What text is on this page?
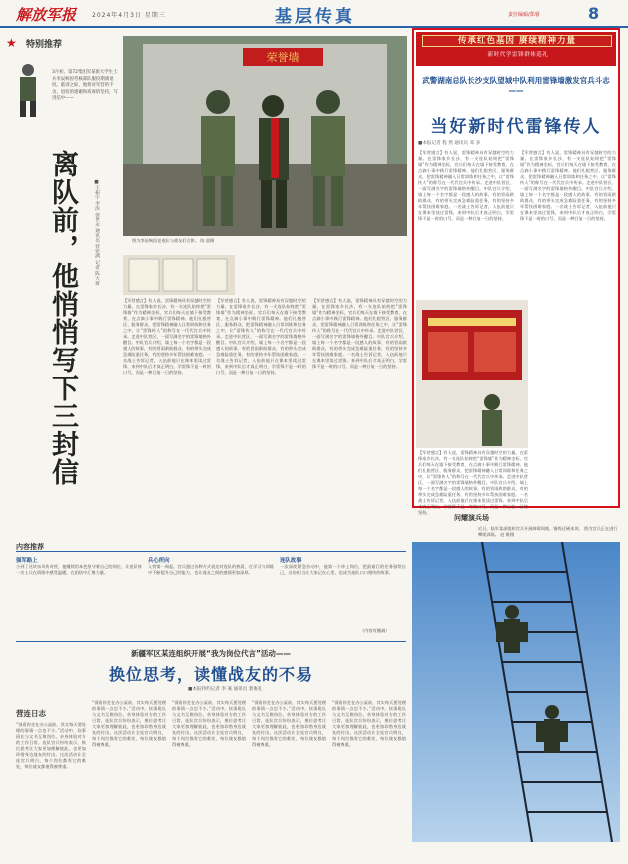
解放军报	2024年4月3日 星期三	基层传真	责任编辑/郑睿	8
★ 特别推荐
3月初，第72集团军某旅大学生士兵李辰响因考核部队服役期满退役。临别之际，他将对军营的不舍、退役的感谢和戒毒的坚持，写进信中——
离队前，他悄悄写下三封信	■王振宇 李滨 徐世永 通讯员 曾宪满 记者 陈大将
荣誉墙
图为李辰响回老连队与战友们合影。 陈 晨摄
【军营感言】有人说，雷锋精神具有穿越时空的力量。在雷锋家乡长沙，有一支连队始终把“雷锋墙”作为精神坐标，官兵们每天在墙下接受教育，在点滴小事中践行雷锋精神。他们扎根营区、服务群众，把雷锋精神融入日常训练和任务之中，让“雷锋传人”的称号在一代代官兵中传承。走进中队营区，一面写满名字的雷锋墙格外醒目。中队官兵介绍，墙上每一个名字都是一段感人的故事，有的冒雨救助群众，有的带头完成急难险重任务，有的坚持多年帮扶困难家庭。一名战士告诉记者，入伍前他只在课本里读过雷锋，来到中队后才真正明白，学雷锋不是一时的口号，而是一种日复一日的坚持。
【军营感言】有人说，雷锋精神具有穿越时空的力量。在雷锋家乡长沙，有一支连队始终把“雷锋墙”作为精神坐标，官兵们每天在墙下接受教育，在点滴小事中践行雷锋精神。他们扎根营区、服务群众，把雷锋精神融入日常训练和任务之中，让“雷锋传人”的称号在一代代官兵中传承。走进中队营区，一面写满名字的雷锋墙格外醒目。中队官兵介绍，墙上每一个名字都是一段感人的故事，有的冒雨救助群众，有的带头完成急难险重任务，有的坚持多年帮扶困难家庭。一名战士告诉记者，入伍前他只在课本里读过雷锋，来到中队后才真正明白，学雷锋不是一时的口号，而是一种日复一日的坚持。
【军营感言】有人说，雷锋精神具有穿越时空的力量。在雷锋家乡长沙，有一支连队始终把“雷锋墙”作为精神坐标，官兵们每天在墙下接受教育，在点滴小事中践行雷锋精神。他们扎根营区、服务群众，把雷锋精神融入日常训练和任务之中，让“雷锋传人”的称号在一代代官兵中传承。走进中队营区，一面写满名字的雷锋墙格外醒目。中队官兵介绍，墙上每一个名字都是一段感人的故事，有的冒雨救助群众，有的带头完成急难险重任务，有的坚持多年帮扶困难家庭。一名战士告诉记者，入伍前他只在课本里读过雷锋，来到中队后才真正明白，学雷锋不是一时的口号，而是一种日复一日的坚持。
传承红色基因 赓续精神力量
新时代学雷锋群体巡礼
武警湖南总队长沙支队望城中队利用雷锋墙激发官兵斗志——
当好新时代雷锋传人
■本报记者 程 然 通讯员 邓 多
【军营感言】有人说，雷锋精神具有穿越时空的力量。在雷锋家乡长沙，有一支连队始终把“雷锋墙”作为精神坐标，官兵们每天在墙下接受教育，在点滴小事中践行雷锋精神。他们扎根营区、服务群众，把雷锋精神融入日常训练和任务之中，让“雷锋传人”的称号在一代代官兵中传承。走进中队营区，一面写满名字的雷锋墙格外醒目。中队官兵介绍，墙上每一个名字都是一段感人的故事，有的冒雨救助群众，有的带头完成急难险重任务，有的坚持多年帮扶困难家庭。一名战士告诉记者，入伍前他只在课本里读过雷锋，来到中队后才真正明白，学雷锋不是一时的口号，而是一种日复一日的坚持。
【军营感言】有人说，雷锋精神具有穿越时空的力量。在雷锋家乡长沙，有一支连队始终把“雷锋墙”作为精神坐标，官兵们每天在墙下接受教育，在点滴小事中践行雷锋精神。他们扎根营区、服务群众，把雷锋精神融入日常训练和任务之中，让“雷锋传人”的称号在一代代官兵中传承。走进中队营区，一面写满名字的雷锋墙格外醒目。中队官兵介绍，墙上每一个名字都是一段感人的故事，有的冒雨救助群众，有的带头完成急难险重任务，有的坚持多年帮扶困难家庭。一名战士告诉记者，入伍前他只在课本里读过雷锋，来到中队后才真正明白，学雷锋不是一时的口号，而是一种日复一日的坚持。
【军营感言】有人说，雷锋精神具有穿越时空的力量。在雷锋家乡长沙，有一支连队始终把“雷锋墙”作为精神坐标，官兵们每天在墙下接受教育，在点滴小事中践行雷锋精神。他们扎根营区、服务群众，把雷锋精神融入日常训练和任务之中，让“雷锋传人”的称号在一代代官兵中传承。走进中队营区，一面写满名字的雷锋墙格外醒目。中队官兵介绍，墙上每一个名字都是一段感人的故事，有的冒雨救助群众，有的带头完成急难险重任务，有的坚持多年帮扶困难家庭。一名战士告诉记者，入伍前他只在课本里读过雷锋，来到中队后才真正明白，学雷锋不是一时的口号，而是一种日复一日的坚持。
内容推荐
强军路上
小到了这块东风传奇营，他继续用本色坚守着自己的岗位，让连队每一名士兵在训练中感受温暖，在团结中汇聚力量。
兵心所向
入营第一周起，官兵通过各种方式表达对连队的热爱，在学习与训练中不断提升自己的能力，也让战友之间的感情更加深厚。
连队故事
一次深夜紧急拉动中，他第一个冲上岗位，把最艰巨的任务留给自己，这份担当让大家记在心里，也成为连队口口相传的故事。
（内容有删减）
新疆军区某连组织开展“我为岗位代言”活动——
换位思考，读懂战友的不易
■本报特约记者 李 兼 通讯员 裴俊礼
营连日志
“别看你坐在办公桌前，其实每天要处理的事情一点也不少。”活动中，炊事班长与文书互换岗位，亲身体验对方的工作日常。连队官兵纷纷表示，换位思考让大家更加理解彼此，也更加珍惜身边战友的付出。这次活动让全连官兵明白，每个岗位都有它的难处，每位战友都值得被尊重。
“别看你坐在办公桌前，其实每天要处理的事情一点也不少。”活动中，炊事班长与文书互换岗位，亲身体验对方的工作日常。连队官兵纷纷表示，换位思考让大家更加理解彼此，也更加珍惜身边战友的付出。这次活动让全连官兵明白，每个岗位都有它的难处，每位战友都值得被尊重。
“别看你坐在办公桌前，其实每天要处理的事情一点也不少。”活动中，炊事班长与文书互换岗位，亲身体验对方的工作日常。连队官兵纷纷表示，换位思考让大家更加理解彼此，也更加珍惜身边战友的付出。这次活动让全连官兵明白，每个岗位都有它的难处，每位战友都值得被尊重。
“别看你坐在办公桌前，其实每天要处理的事情一点也不少。”活动中，炊事班长与文书互换岗位，亲身体验对方的工作日常。连队官兵纷纷表示，换位思考让大家更加理解彼此，也更加珍惜身边战友的付出。这次活动让全连官兵明白，每个岗位都有它的难处，每位战友都值得被尊重。
“别看你坐在办公桌前，其实每天要处理的事情一点也不少。”活动中，炊事班长与文书互换岗位，亲身体验对方的工作日常。连队官兵纷纷表示，换位思考让大家更加理解彼此，也更加珍惜身边战友的付出。这次活动让全连官兵明白，每个岗位都有它的难处，每位战友都值得被尊重。
问耀演兵场
近日，陆军某部组织官兵开展障碍训练，锤炼过硬本领。 图为官兵正在进行攀爬训练。 赵 维摄
